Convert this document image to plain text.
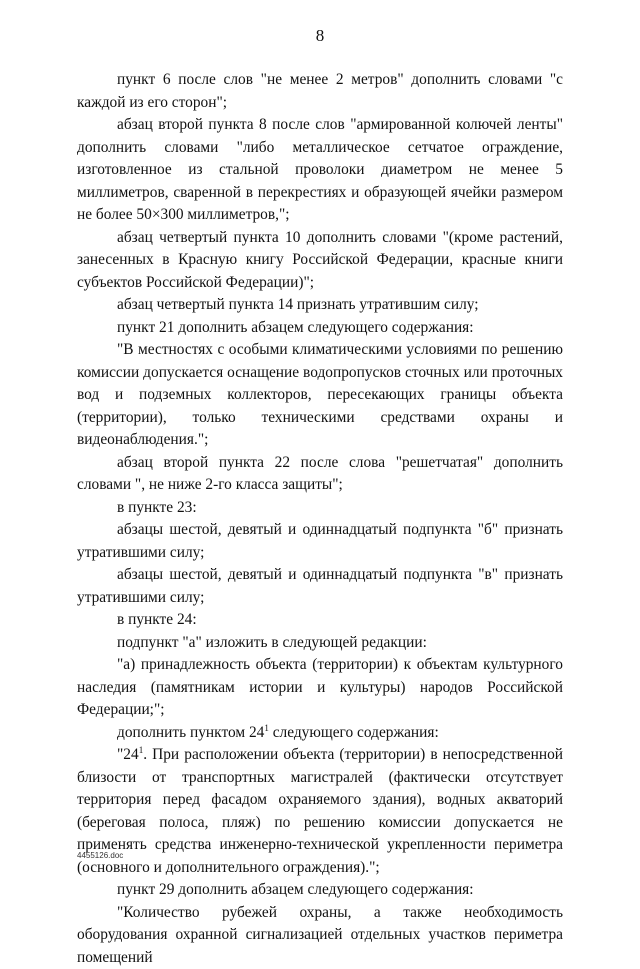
8

пункт 6 после слов "не менее 2 метров" дополнить словами "с каждой из его сторон";

абзац второй пункта 8 после слов "армированной колючей ленты" дополнить словами "либо металлическое сетчатое ограждение, изготовленное из стальной проволоки диаметром не менее 5 миллиметров, сваренной в перекрестиях и образующей ячейки размером не более 50×300 миллиметров,";

абзац четвертый пункта 10 дополнить словами "(кроме растений, занесенных в Красную книгу Российской Федерации, красные книги субъектов Российской Федерации)";

абзац четвертый пункта 14 признать утратившим силу;

пункт 21 дополнить абзацем следующего содержания:

"В местностях с особыми климатическими условиями по решению комиссии допускается оснащение водопропусков сточных или проточных вод и подземных коллекторов, пересекающих границы объекта (территории), только техническими средствами охраны и видеонаблюдения.";

абзац второй пункта 22 после слова "решетчатая" дополнить словами ", не ниже 2-го класса защиты";

в пункте 23:

абзацы шестой, девятый и одиннадцатый подпункта "б" признать утратившими силу;

абзацы шестой, девятый и одиннадцатый подпункта "в" признать утратившими силу;

в пункте 24:

подпункт "а" изложить в следующей редакции:

"а) принадлежность объекта (территории) к объектам культурного наследия (памятникам истории и культуры) народов Российской Федерации;";

дополнить пунктом 24$^1$ следующего содержания:

"24$^1$. При расположении объекта (территории) в непосредственной близости от транспортных магистралей (фактически отсутствует территория перед фасадом охраняемого здания), водных акваторий (береговая полоса, пляж) по решению комиссии допускается не применять средства инженерно-технической укрепленности периметра (основного и дополнительного ограждения).";

пункт 29 дополнить абзацем следующего содержания:

"Количество рубежей охраны, а также необходимость оборудования охранной сигнализацией отдельных участков периметра помещений

4455126.doc
